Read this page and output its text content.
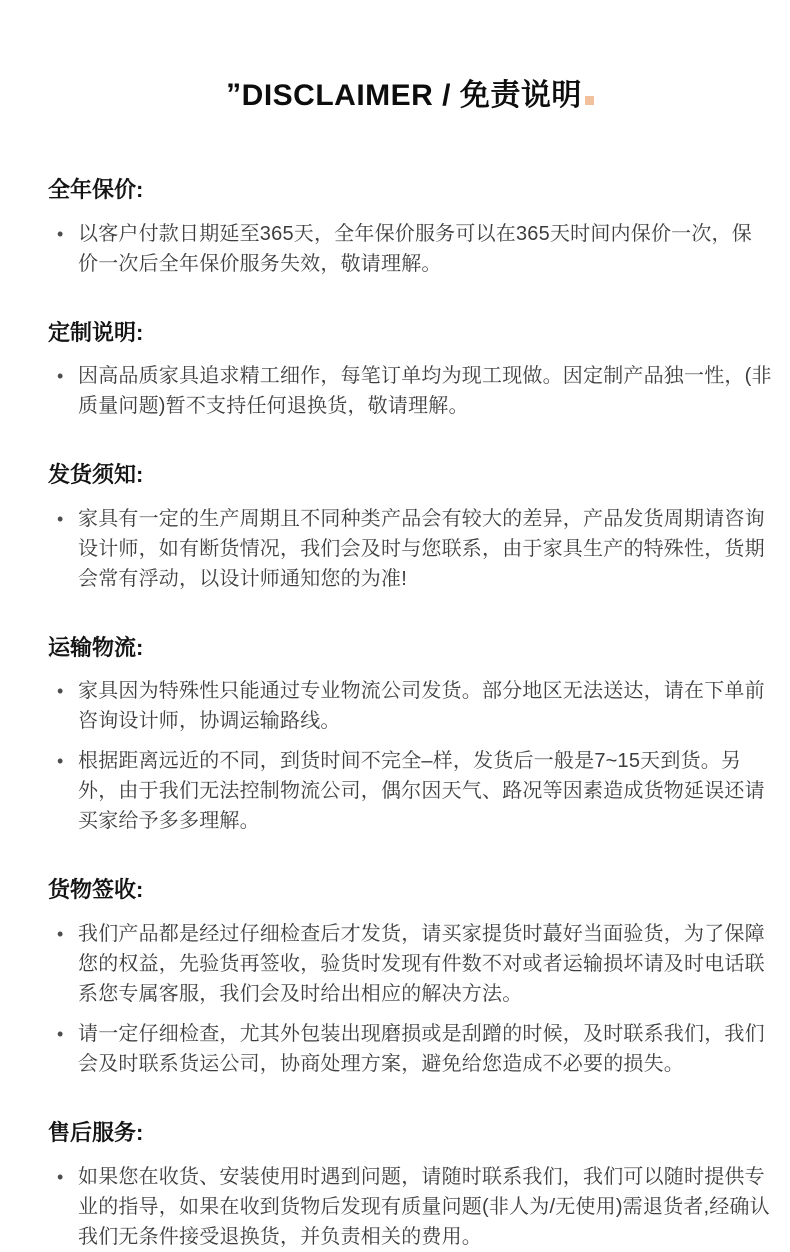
”DISCLAIMER / 免责说明
全年保价:
• 以客户付款日期延至365天，全年保价服务可以在365天时间内保价一次，保价一次后全年保价服务失效，敬请理解。
定制说明:
• 因高品质家具追求精工细作，每笔订单均为现工现做。因定制产品独一性，(非质量问题)暂不支持任何退换货，敬请理解。
发货须知:
• 家具有一定的生产周期且不同种类产品会有较大的差异，产品发货周期请咨询设计师，如有断货情况，我们会及时与您联系，由于家具生产的特殊性，货期会常有浮动，以设计师通知您的为准!
运输物流:
• 家具因为特殊性只能通过专业物流公司发货。部分地区无法送达，请在下单前咨询设计师，协调运输路线。
• 根据距离远近的不同，到货时间不完全–样，发货后一般是7~15天到货。另外，由于我们无法控制物流公司，偶尔因天气、路况等因素造成货物延误还请买家给予多多理解。
货物签收:
• 我们产品都是经过仔细检查后才发货，请买家提货时蕞好当面验货，为了保障您的权益，先验货再签收，验货时发现有件数不对或者运输损坏请及时电话联系您专属客服，我们会及时给出相应的解决方法。
• 请一定仔细检查，尤其外包装出现磨损或是刮蹭的时候，及时联系我们，我们会及时联系货运公司，协商处理方案，避免给您造成不必要的损失。
售后服务:
• 如果您在收货、安装使用时遇到问题，请随时联系我们，我们可以随时提供专业的指导，如果在收到货物后发现有质量问题(非人为/无使用)需退货者,经确认我们无条件接受退换货，并负责相关的费用。
